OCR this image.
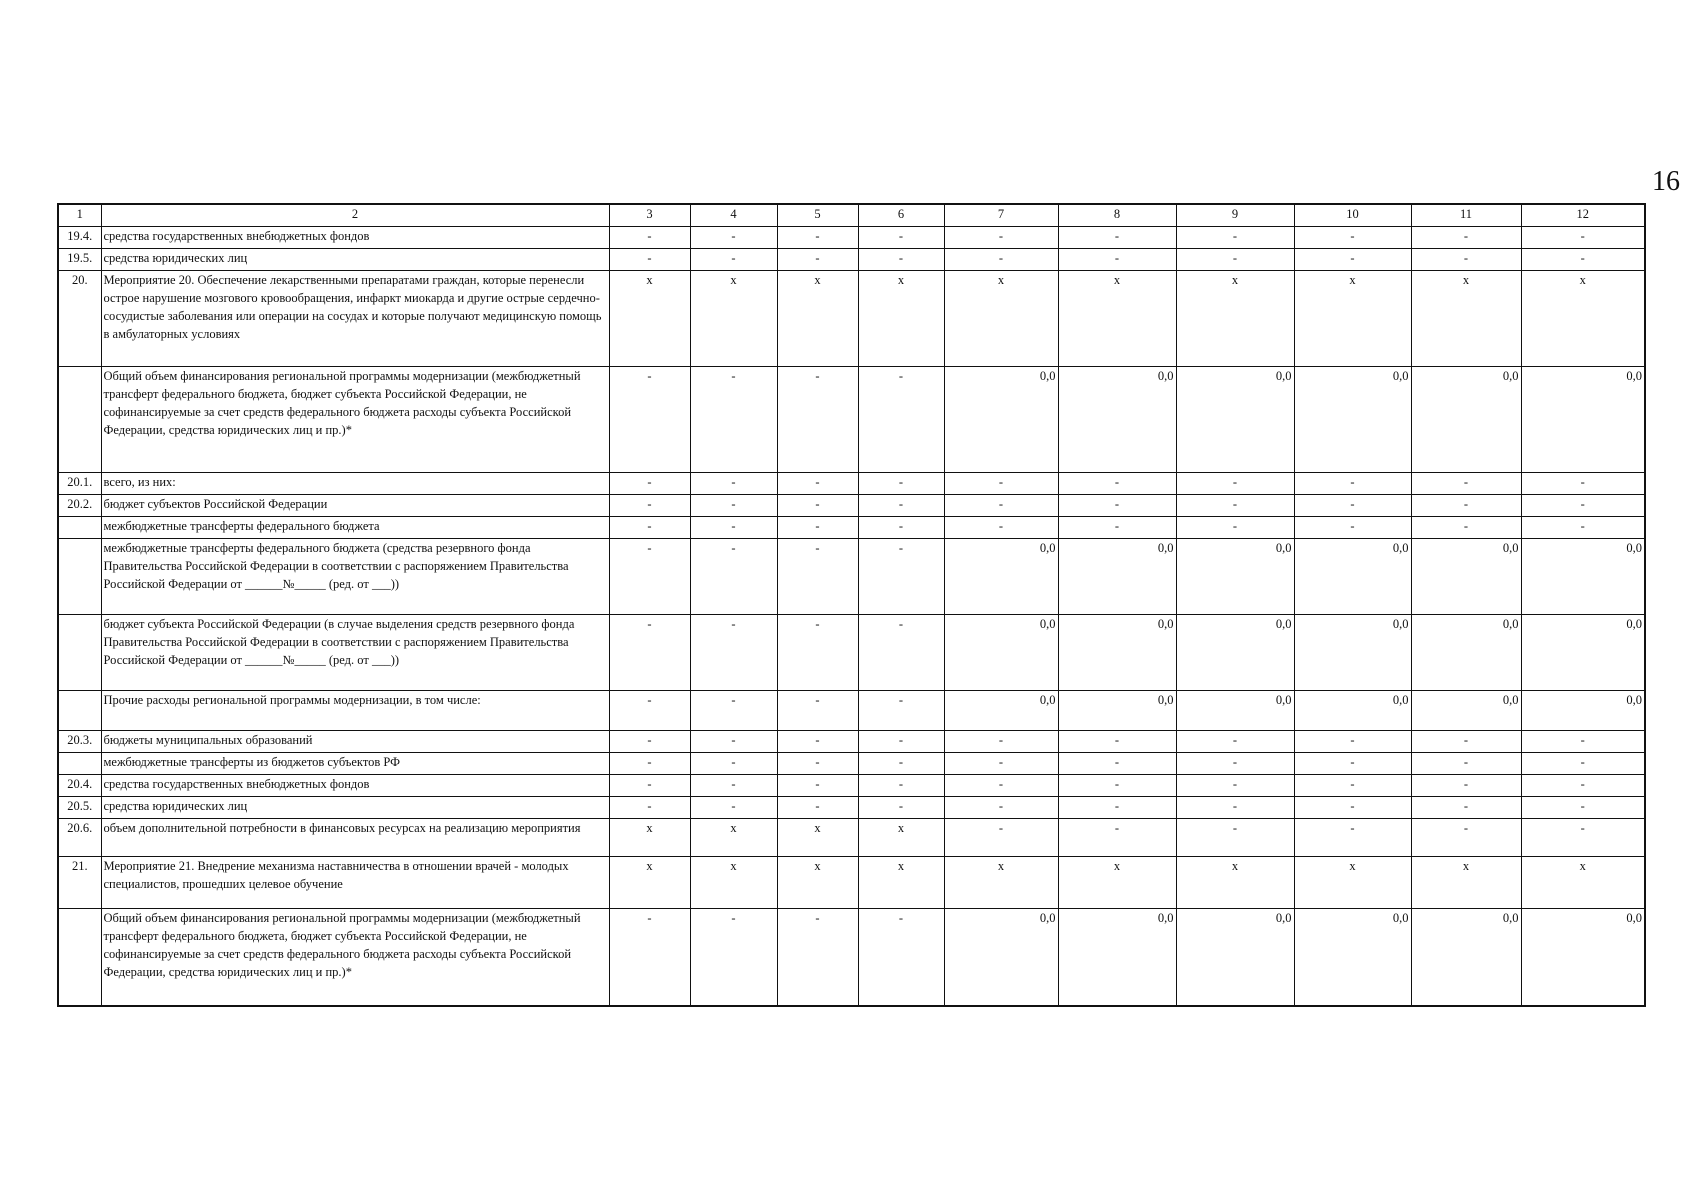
16
1	2	3	4	5	6	7	8	9	10	11	12
19.4.	средства государственных внебюджетных фондов	-	-	-	-	-	-	-	-	-	-
19.5.	средства юридических лиц	-	-	-	-	-	-	-	-	-	-
20.	Мероприятие 20. Обеспечение лекарственными препаратами граждан, которые перенесли острое нарушение мозгового кровообращения, инфаркт миокарда и другие острые сердечно-сосудистые заболевания или операции на сосудах и которые получают медицинскую помощь в амбулаторных условиях	x	x	x	x	x	x	x	x	x	x
	Общий объем финансирования региональной программы модернизации (межбюджетный трансферт федерального бюджета, бюджет субъекта Российской Федерации, не софинансируемые за счет средств федерального бюджета расходы субъекта Российской Федерации, средства юридических лиц и пр.)*	-	-	-	-	0,0	0,0	0,0	0,0	0,0	0,0
20.1.	всего, из них:	-	-	-	-	-	-	-	-	-	-
20.2.	бюджет субъектов Российской Федерации	-	-	-	-	-	-	-	-	-	-
	межбюджетные трансферты федерального бюджета	-	-	-	-	-	-	-	-	-	-
	межбюджетные трансферты федерального бюджета (средства резервного фонда Правительства Российской Федерации в соответствии с распоряжением Правительства Российской Федерации от ______№_____ (ред. от ___))	-	-	-	-	0,0	0,0	0,0	0,0	0,0	0,0
	бюджет субъекта Российской Федерации (в случае выделения средств резервного фонда Правительства Российской Федерации в соответствии с распоряжением Правительства Российской Федерации от ______№_____ (ред. от ___))	-	-	-	-	0,0	0,0	0,0	0,0	0,0	0,0
	Прочие расходы региональной программы модернизации, в том числе:	-	-	-	-	0,0	0,0	0,0	0,0	0,0	0,0
20.3.	бюджеты муниципальных образований	-	-	-	-	-	-	-	-	-	-
	межбюджетные трансферты из бюджетов субъектов РФ	-	-	-	-	-	-	-	-	-	-
20.4.	средства государственных внебюджетных фондов	-	-	-	-	-	-	-	-	-	-
20.5.	средства юридических лиц	-	-	-	-	-	-	-	-	-	-
20.6.	объем дополнительной потребности в финансовых ресурсах на реализацию мероприятия	x	x	x	x	-	-	-	-	-	-
21.	Мероприятие 21. Внедрение механизма наставничества в отношении врачей - молодых специалистов, прошедших целевое обучение	x	x	x	x	x	x	x	x	x	x
	Общий объем финансирования региональной программы модернизации (межбюджетный трансферт федерального бюджета, бюджет субъекта Российской Федерации, не софинансируемые за счет средств федерального бюджета расходы субъекта Российской Федерации, средства юридических лиц и пр.)*	-	-	-	-	0,0	0,0	0,0	0,0	0,0	0,0
